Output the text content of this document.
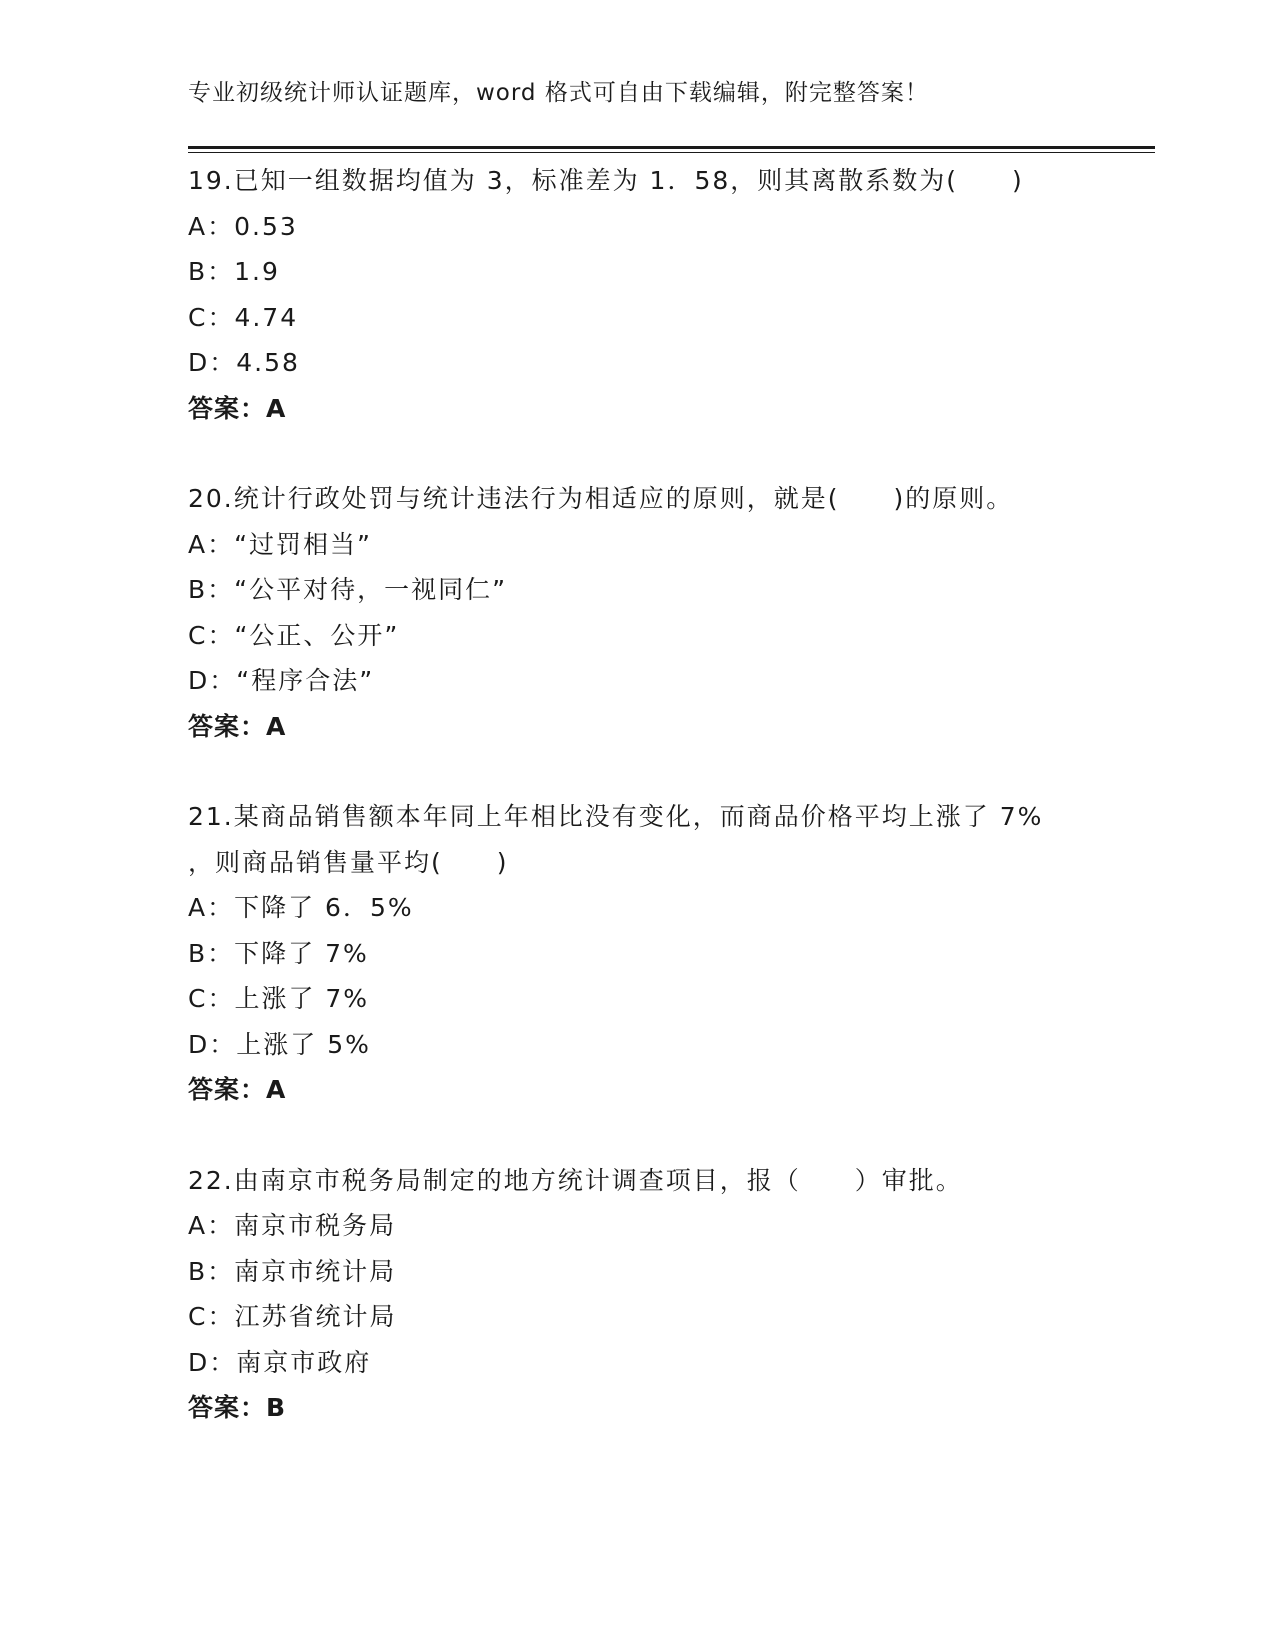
专业初级统计师认证题库，word 格式可自由下载编辑，附完整答案！
19.已知一组数据均值为 3，标准差为 1．58，则其离散系数为(　　)
A：0.53
B：1.9
C：4.74
D：4.58
答案：A
20.统计行政处罚与统计违法行为相适应的原则，就是(　　)的原则。
A：“过罚相当”
B：“公平对待，一视同仁”
C：“公正、公开”
D：“程序合法”
答案：A
21.某商品销售额本年同上年相比没有变化，而商品价格平均上涨了 7%
，则商品销售量平均(　　)
A：下降了 6．5%
B：下降了 7%
C：上涨了 7%
D：上涨了 5%
答案：A
22.由南京市税务局制定的地方统计调查项目，报（　　）审批。
A：南京市税务局
B：南京市统计局
C：江苏省统计局
D：南京市政府
答案：B
